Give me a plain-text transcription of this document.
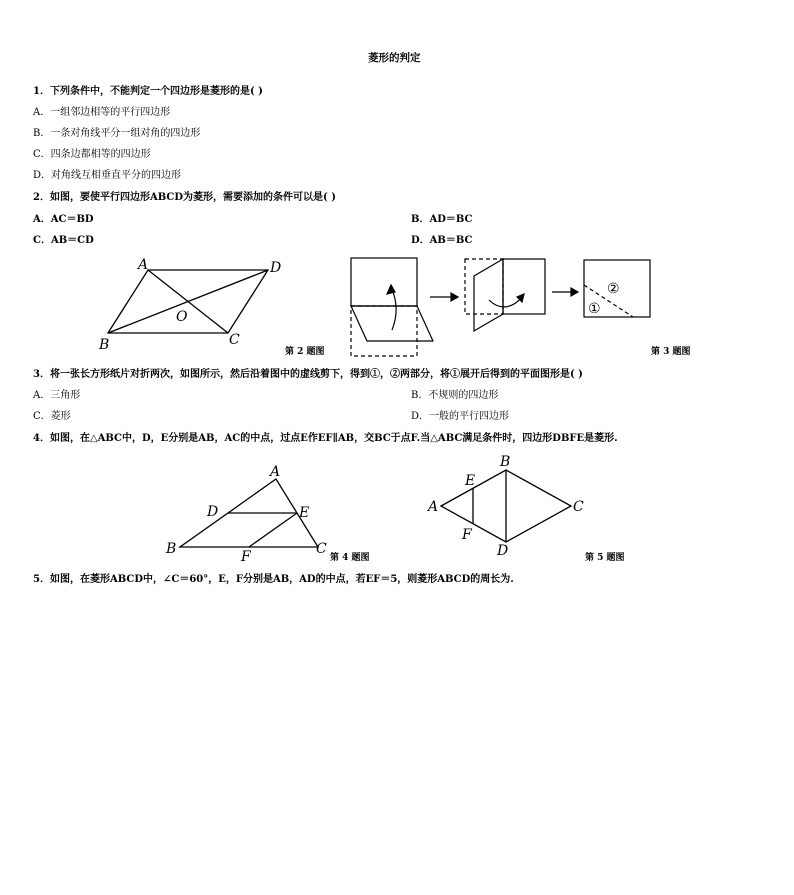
菱形的判定
1．下列条件中，不能判定一个四边形是菱形的是( )
A．一组邻边相等的平行四边形
B．一条对角线平分一组对角的四边形
C．四条边都相等的四边形
D．对角线互相垂直平分的四边形
2．如图，要使平行四边形ABCD为菱形，需要添加的条件可以是( )
A．AC＝BD	B．AD＝BC
C．AB＝CD	D．AB＝BC
A	D
B	C
O
第 2 题图
②
①
第 3 题图
3．将一张长方形纸片对折两次，如图所示，然后沿着图中的虚线剪下，得到①，②两部分，将①展开后得到的平面图形是( )
A．三角形	B．不规则的四边形
C．菱形	D．一般的平行四边形
4．如图，在△ABC中，D，E分别是AB，AC的中点，过点E作EF∥AB，交BC于点F.当△ABC满足条件时，四边形DBFE是菱形.
A
D	E
B	F	C
第 4 题图
B
E
A	C
F
D	第 5 题图
5．如图，在菱形ABCD中，∠C＝60°，E，F分别是AB，AD的中点，若EF＝5，则菱形ABCD的周长为.
